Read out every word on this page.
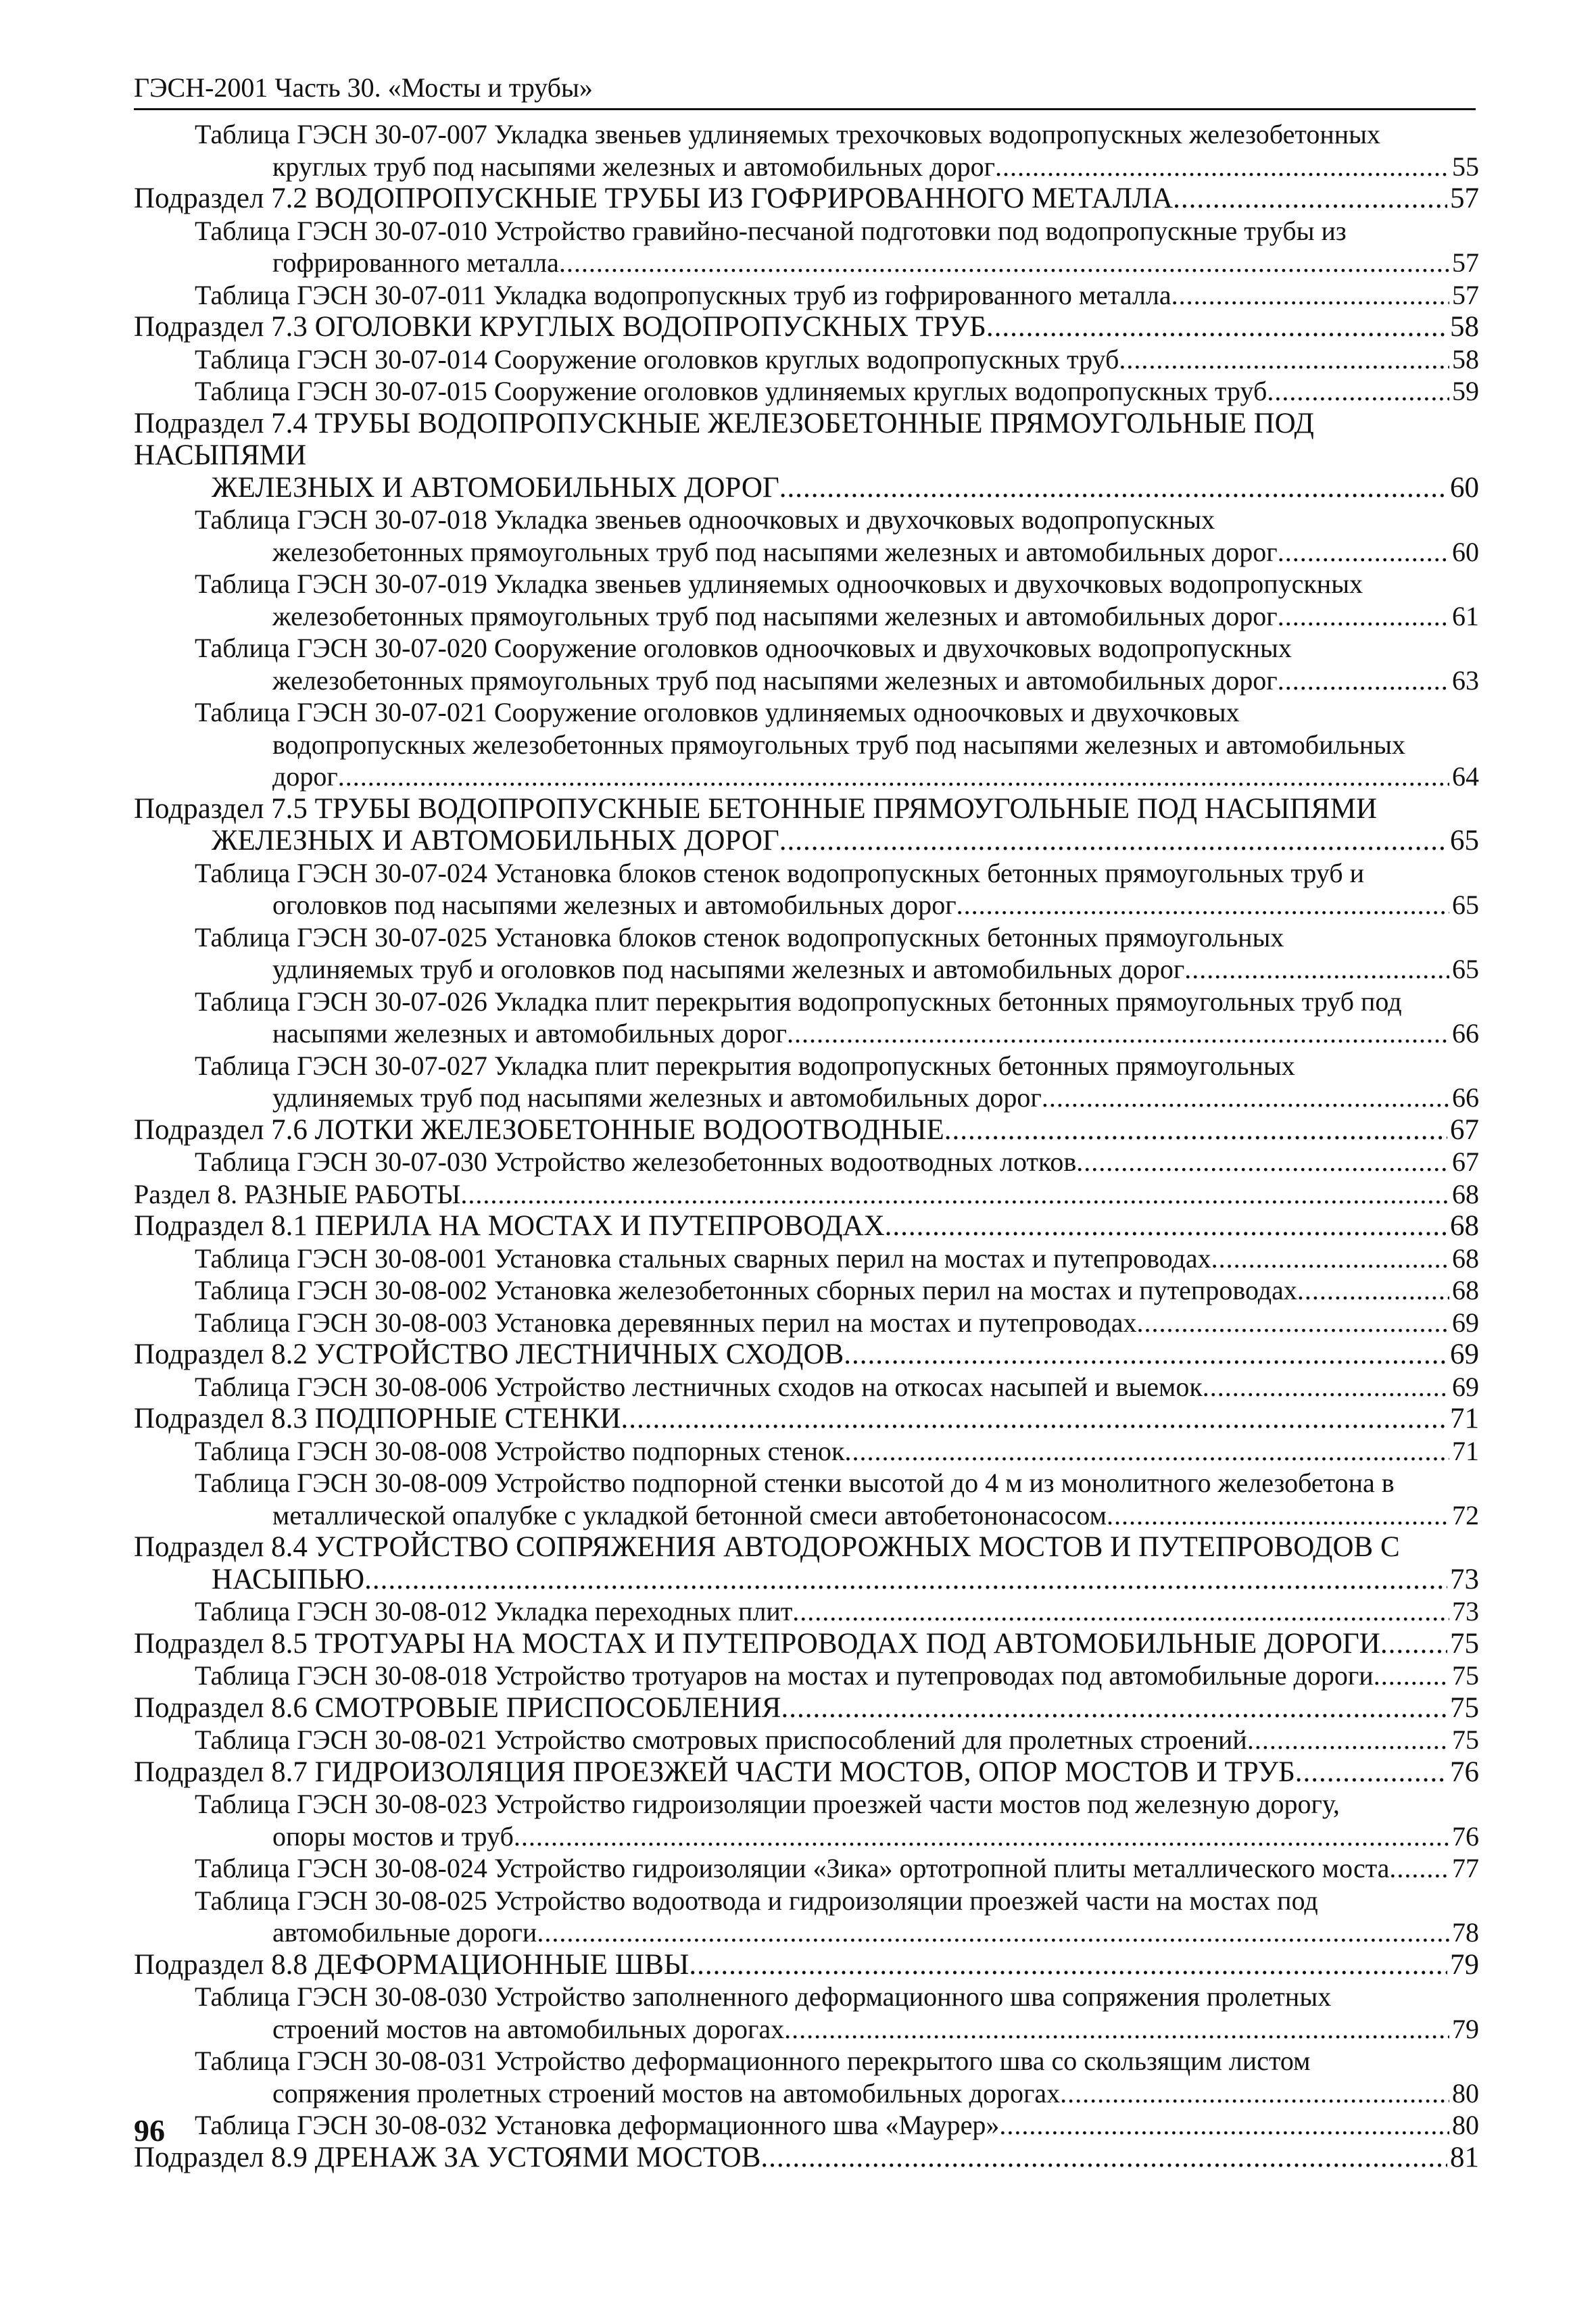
ГЭСН-2001 Часть 30. «Мосты и трубы»
Таблица ГЭСН 30-07-007 Укладка звеньев удлиняемых трехочковых водопропускных железобетонных
круглых труб под насыпями железных и автомобильных дорог .....	55
Подраздел 7.2 ВОДОПРОПУСКНЫЕ ТРУБЫ ИЗ ГОФРИРОВАННОГО МЕТАЛЛА .....	57
Таблица ГЭСН 30-07-010 Устройство гравийно-песчаной подготовки под водопропускные трубы из
гофрированного металла .....	57
Таблица ГЭСН 30-07-011 Укладка водопропускных труб из гофрированного металла .....	57
Подраздел 7.3 ОГОЛОВКИ КРУГЛЫХ ВОДОПРОПУСКНЫХ ТРУБ .....	58
Таблица ГЭСН 30-07-014 Сооружение оголовков круглых водопропускных труб .....	58
Таблица ГЭСН 30-07-015 Сооружение оголовков удлиняемых круглых водопропускных труб .....	59
Подраздел 7.4 ТРУБЫ ВОДОПРОПУСКНЫЕ ЖЕЛЕЗОБЕТОННЫЕ ПРЯМОУГОЛЬНЫЕ ПОД НАСЫПЯМИ
ЖЕЛЕЗНЫХ И АВТОМОБИЛЬНЫХ ДОРОГ .....	60
Таблица ГЭСН 30-07-018 Укладка звеньев одноочковых и двухочковых водопропускных
железобетонных прямоугольных труб под насыпями железных и автомобильных дорог .....	60
Таблица ГЭСН 30-07-019 Укладка звеньев удлиняемых одноочковых и двухочковых водопропускных
железобетонных прямоугольных труб под насыпями железных и автомобильных дорог .....	61
Таблица ГЭСН 30-07-020 Сооружение оголовков одноочковых и двухочковых водопропускных
железобетонных прямоугольных труб под насыпями железных и автомобильных дорог .....	63
Таблица ГЭСН 30-07-021 Сооружение оголовков удлиняемых одноочковых и двухочковых
водопропускных железобетонных прямоугольных труб под насыпями железных и автомобильных
дорог .....	64
Подраздел 7.5 ТРУБЫ ВОДОПРОПУСКНЫЕ БЕТОННЫЕ ПРЯМОУГОЛЬНЫЕ ПОД НАСЫПЯМИ
ЖЕЛЕЗНЫХ И АВТОМОБИЛЬНЫХ ДОРОГ .....	65
Таблица ГЭСН 30-07-024 Установка блоков стенок водопропускных бетонных прямоугольных труб и
оголовков под насыпями железных и автомобильных дорог .....	65
Таблица ГЭСН 30-07-025 Установка блоков стенок водопропускных бетонных прямоугольных
удлиняемых труб и оголовков под насыпями железных и автомобильных дорог .....	65
Таблица ГЭСН 30-07-026 Укладка плит перекрытия водопропускных бетонных прямоугольных труб под
насыпями железных и автомобильных дорог .....	66
Таблица ГЭСН 30-07-027 Укладка плит перекрытия водопропускных бетонных прямоугольных
удлиняемых труб под насыпями железных и автомобильных дорог .....	66
Подраздел 7.6 ЛОТКИ ЖЕЛЕЗОБЕТОННЫЕ ВОДООТВОДНЫЕ .....	67
Таблица ГЭСН 30-07-030 Устройство железобетонных водоотводных лотков .....	67
Раздел 8. РАЗНЫЕ РАБОТЫ .....	68
Подраздел 8.1 ПЕРИЛА НА МОСТАХ И ПУТЕПРОВОДАХ .....	68
Таблица ГЭСН 30-08-001 Установка стальных сварных перил на мостах и путепроводах .....	68
Таблица ГЭСН 30-08-002 Установка железобетонных сборных перил на мостах и путепроводах .....	68
Таблица ГЭСН 30-08-003 Установка деревянных перил на мостах и путепроводах .....	69
Подраздел 8.2 УСТРОЙСТВО ЛЕСТНИЧНЫХ СХОДОВ .....	69
Таблица ГЭСН 30-08-006 Устройство лестничных сходов на откосах насыпей и выемок .....	69
Подраздел 8.3 ПОДПОРНЫЕ СТЕНКИ .....	71
Таблица ГЭСН 30-08-008 Устройство подпорных стенок .....	71
Таблица ГЭСН 30-08-009 Устройство подпорной стенки высотой до 4 м из монолитного железобетона в
металлической опалубке с укладкой бетонной смеси автобетононасосом .....	72
Подраздел 8.4 УСТРОЙСТВО СОПРЯЖЕНИЯ АВТОДОРОЖНЫХ МОСТОВ И ПУТЕПРОВОДОВ С
НАСЫПЬЮ .....	73
Таблица ГЭСН 30-08-012 Укладка переходных плит .....	73
Подраздел 8.5 ТРОТУАРЫ НА МОСТАХ И ПУТЕПРОВОДАХ ПОД АВТОМОБИЛЬНЫЕ ДОРОГИ ..... 75
Таблица ГЭСН 30-08-018 Устройство тротуаров на мостах и путепроводах под автомобильные дороги .....	75
Подраздел 8.6 СМОТРОВЫЕ ПРИСПОСОБЛЕНИЯ .....	75
Таблица ГЭСН 30-08-021 Устройство смотровых приспособлений для пролетных строений .....	75
Подраздел 8.7 ГИДРОИЗОЛЯЦИЯ ПРОЕЗЖЕЙ ЧАСТИ МОСТОВ, ОПОР МОСТОВ И ТРУБ .....	76
Таблица ГЭСН 30-08-023 Устройство гидроизоляции проезжей части мостов под железную дорогу,
опоры мостов и труб .....	76
Таблица ГЭСН 30-08-024 Устройство гидроизоляции «Зика» ортотропной плиты металлического моста ..... 77
Таблица ГЭСН 30-08-025 Устройство водоотвода и гидроизоляции проезжей части на мостах под
автомобильные дороги .....	78
Подраздел 8.8 ДЕФОРМАЦИОННЫЕ ШВЫ .....	79
Таблица ГЭСН 30-08-030 Устройство заполненного деформационного шва сопряжения пролетных
строений мостов на автомобильных дорогах .....	79
Таблица ГЭСН 30-08-031 Устройство деформационного перекрытого шва со скользящим листом
сопряжения пролетных строений мостов на автомобильных дорогах .....	80
Таблица ГЭСН 30-08-032 Установка деформационного шва «Маурер» .....	80
Подраздел 8.9 ДРЕНАЖ ЗА УСТОЯМИ МОСТОВ .....	81
96
